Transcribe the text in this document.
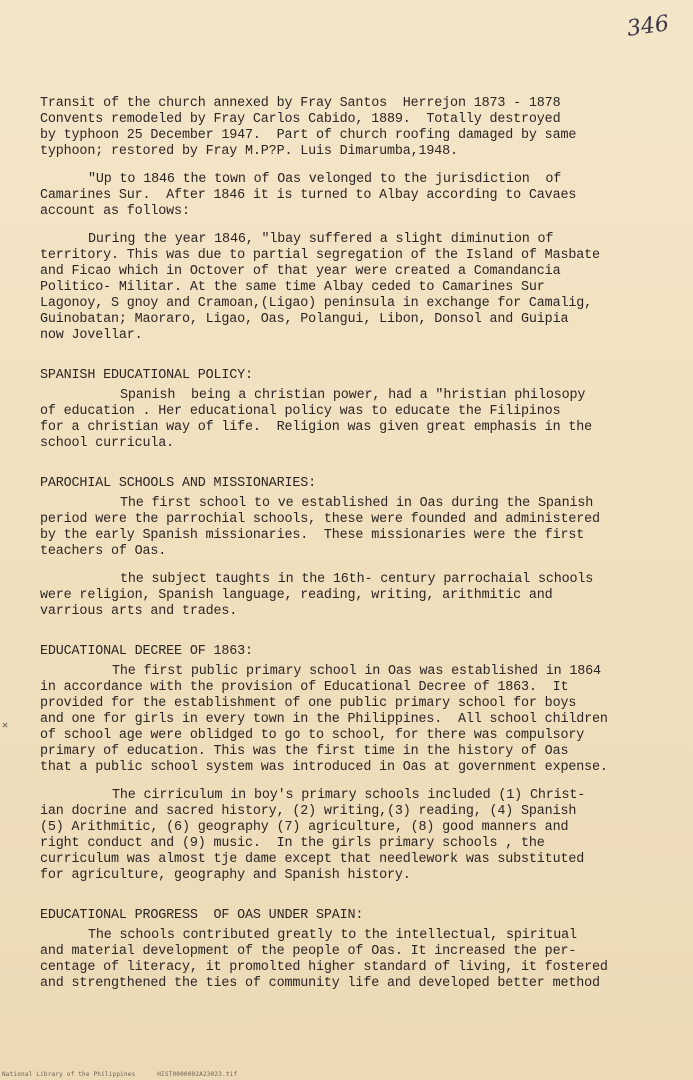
346
Transit of the church annexed by Fray Santos  Herrejon 1873 - 1878
Convents remodeled by Fray Carlos Cabido, 1889.  Totally destroyed
by typhoon 25 December 1947.  Part of church roofing damaged by same
typhoon; restored by Fray M.P?P. Luis Dimarumba,1948.
"Up to 1846 the town of Oas velonged to the jurisdiction  of
Camarines Sur.  After 1846 it is turned to Albay according to Cavaes
account as follows:
During the year 1846, "lbay suffered a slight diminution of
territory. This was due to partial segregation of the Island of Masbate
and Ficao which in Octover of that year were created a Comandancia
Politico- Militar. At the same time Albay ceded to Camarines Sur
Lagonoy, S gnoy and Cramoan,(Ligao) peninsula in exchange for Camalig,
Guinobatan; Maoraro, Ligao, Oas, Polangui, Libon, Donsol and Guipia
now Jovellar.
SPANISH EDUCATIONAL POLICY:
Spanish  being a christian power, had a "hristian philosopy
of education . Her educational policy was to educate the Filipinos
for a christian way of life.  Religion was given great emphasis in the
school curricula.
PAROCHIAL SCHOOLS AND MISSIONARIES:
The first school to ve established in Oas during the Spanish
period were the parrochial schools, these were founded and administered
by the early Spanish missionaries.  These missionaries were the first
teachers of Oas.
the subject taughts in the 16th- century parrochaial schools
were religion, Spanish language, reading, writing, arithmitic and
varrious arts and trades.
EDUCATIONAL DECREE OF 1863:
The first public primary school in Oas was established in 1864
in accordance with the provision of Educational Decree of 1863.  It
provided for the establishment of one public primary school for boys
and one for girls in every town in the Philippines.  All school children
of school age were oblidged to go to school, for there was compulsory
primary of education. This was the first time in the history of Oas
that a public school system was introduced in Oas at government expense.
The cirriculum in boy's primary schools included (1) Christ-
ian docrine and sacred history, (2) writing,(3) reading, (4) Spanish
(5) Arithmitic, (6) geography (7) agriculture, (8) good manners and
right conduct and (9) music.  In the girls primary schools , the
curriculum was almost tje dame except that needlework was substituted
for agriculture, geography and Spanish history.
EDUCATIONAL PROGRESS  OF OAS UNDER SPAIN:
The schools contributed greatly to the intellectual, spiritual
and material development of the people of Oas. It increased the per-
centage of literacy, it promolted higher standard of living, it fostered
and strengthened the ties of community life and developed better method
✕
National Library of the Philippines	HIST0000002A23023.tif
